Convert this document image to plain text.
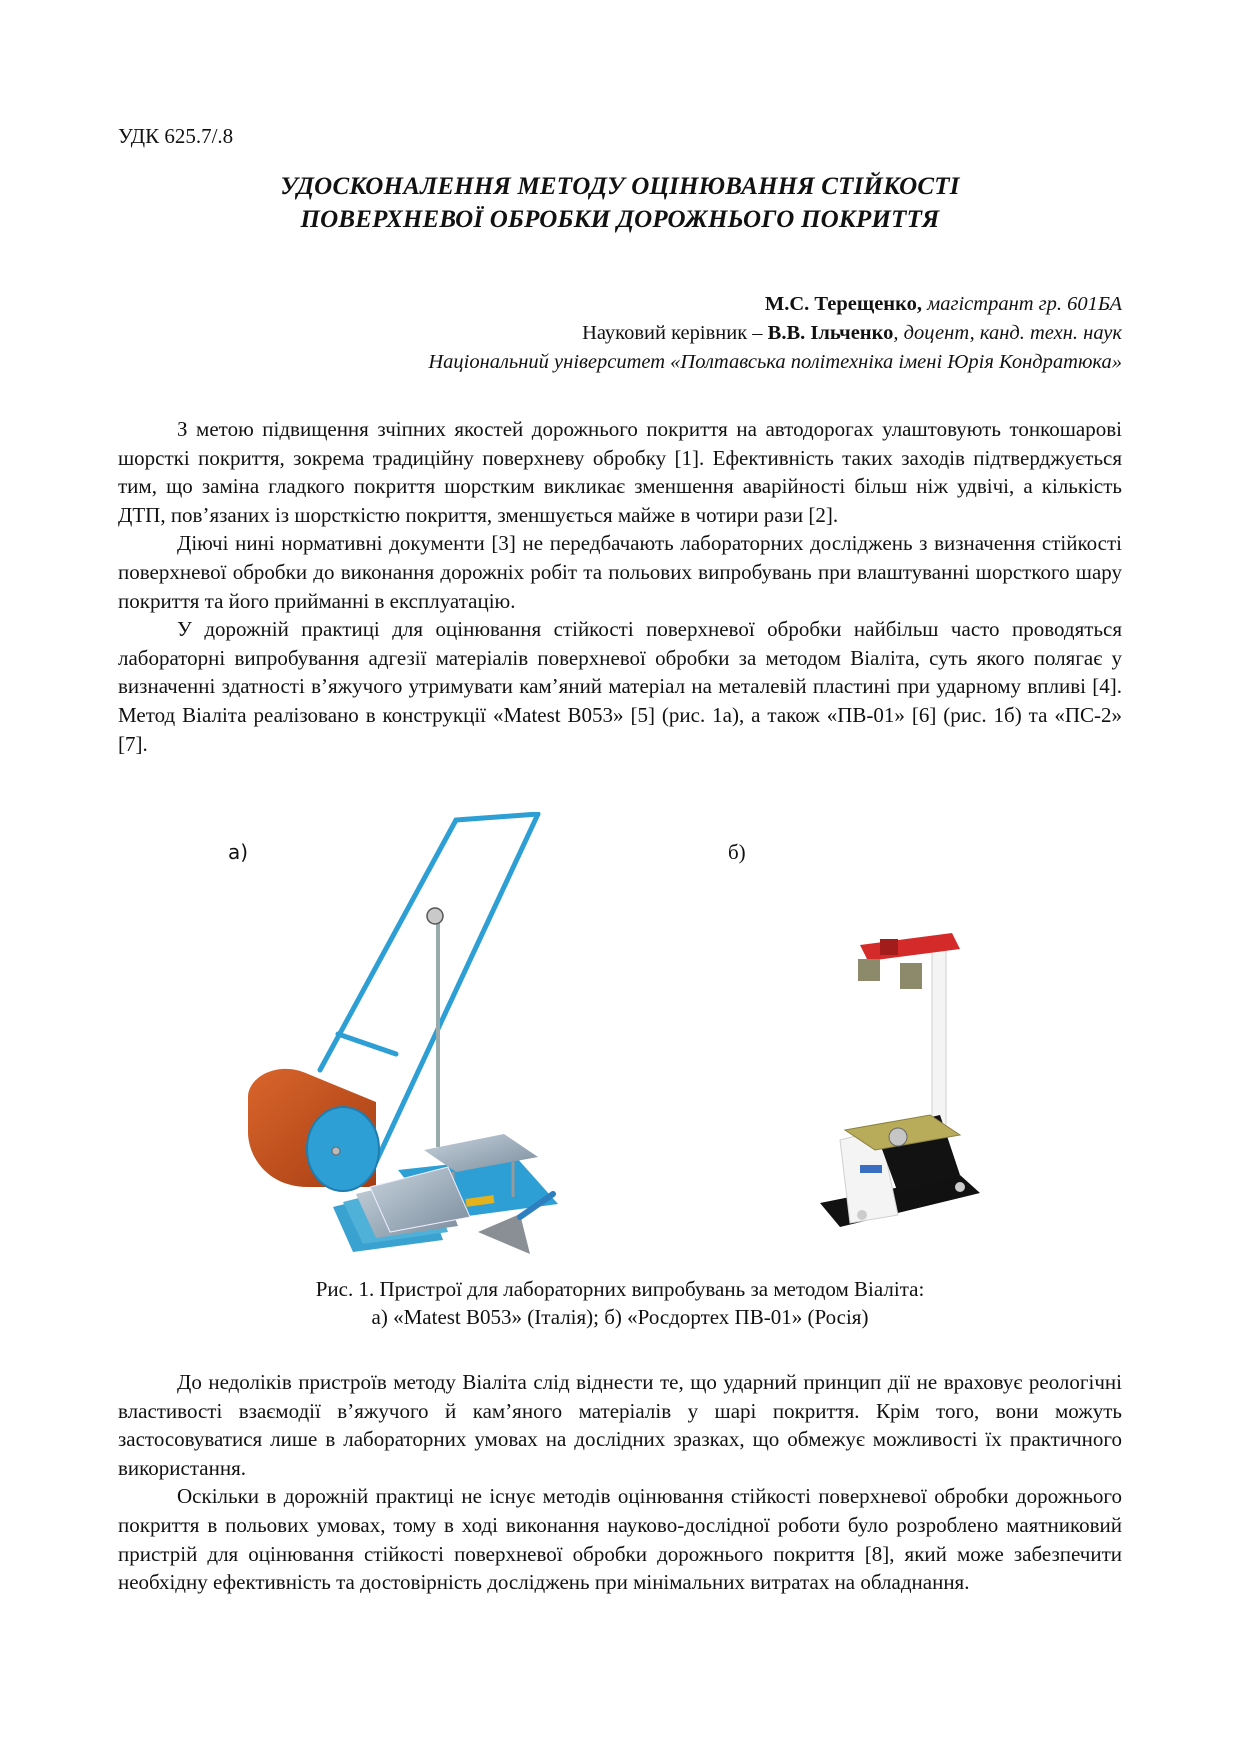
УДК 625.7/.8
УДОСКОНАЛЕННЯ МЕТОДУ ОЦІНЮВАННЯ СТІЙКОСТІ
ПОВЕРХНЕВОЇ ОБРОБКИ ДОРОЖНЬОГО ПОКРИТТЯ
М.С. Терещенко, магістрант гр. 601БА
Науковий керівник – В.В. Ільченко, доцент, канд. техн. наук
Національний університет «Полтавська політехніка імені Юрія Кондратюка»

З метою підвищення зчіпних якостей дорожнього покриття на автодорогах улаштовують тонкошарові шорсткі покриття, зокрема традиційну поверхневу обробку [1]. Ефективність таких заходів підтверджується тим, що заміна гладкого покриття шорстким викликає зменшення аварійності більш ніж удвічі, а кількість ДТП, пов’язаних із шорсткістю покриття, зменшується майже в чотири рази [2].

Діючі нині нормативні документи [3] не передбачають лабораторних досліджень з визначення стійкості поверхневої обробки до виконання дорожніх робіт та польових випробувань при влаштуванні шорсткого шару покриття та його прийманні в експлуатацію.

У дорожній практиці для оцінювання стійкості поверхневої обробки найбільш часто проводяться лабораторні випробування адгезії матеріалів поверхневої обробки за методом Віаліта, суть якого полягає у визначенні здатності в’яжучого утримувати кам’яний матеріал на металевій пластині при ударному впливі [4]. Метод Віаліта реалізовано в конструкції «Matest B053» [5] (рис. 1а), а також «ПВ-01» [6] (рис. 1б) та «ПС-2» [7].

а)	б)
Рис. 1. Пристрої для лабораторних випробувань за методом Віаліта:
а) «Matest B053» (Італія); б) «Росдортех ПВ-01» (Росія)

До недоліків пристроїв методу Віаліта слід віднести те, що ударний принцип дії не враховує реологічні властивості взаємодії в’яжучого й кам’яного матеріалів у шарі покриття. Крім того, вони можуть застосовуватися лише в лабораторних умовах на дослідних зразках, що обмежує можливості їх практичного використання.

Оскільки в дорожній практиці не існує методів оцінювання стійкості поверхневої обробки дорожнього покриття в польових умовах, тому в ході виконання науково-дослідної роботи було розроблено маятниковий пристрій для оцінювання стійкості поверхневої обробки дорожнього покриття [8], який може забезпечити необхідну ефективність та достовірність досліджень при мінімальних витратах на обладнання.
